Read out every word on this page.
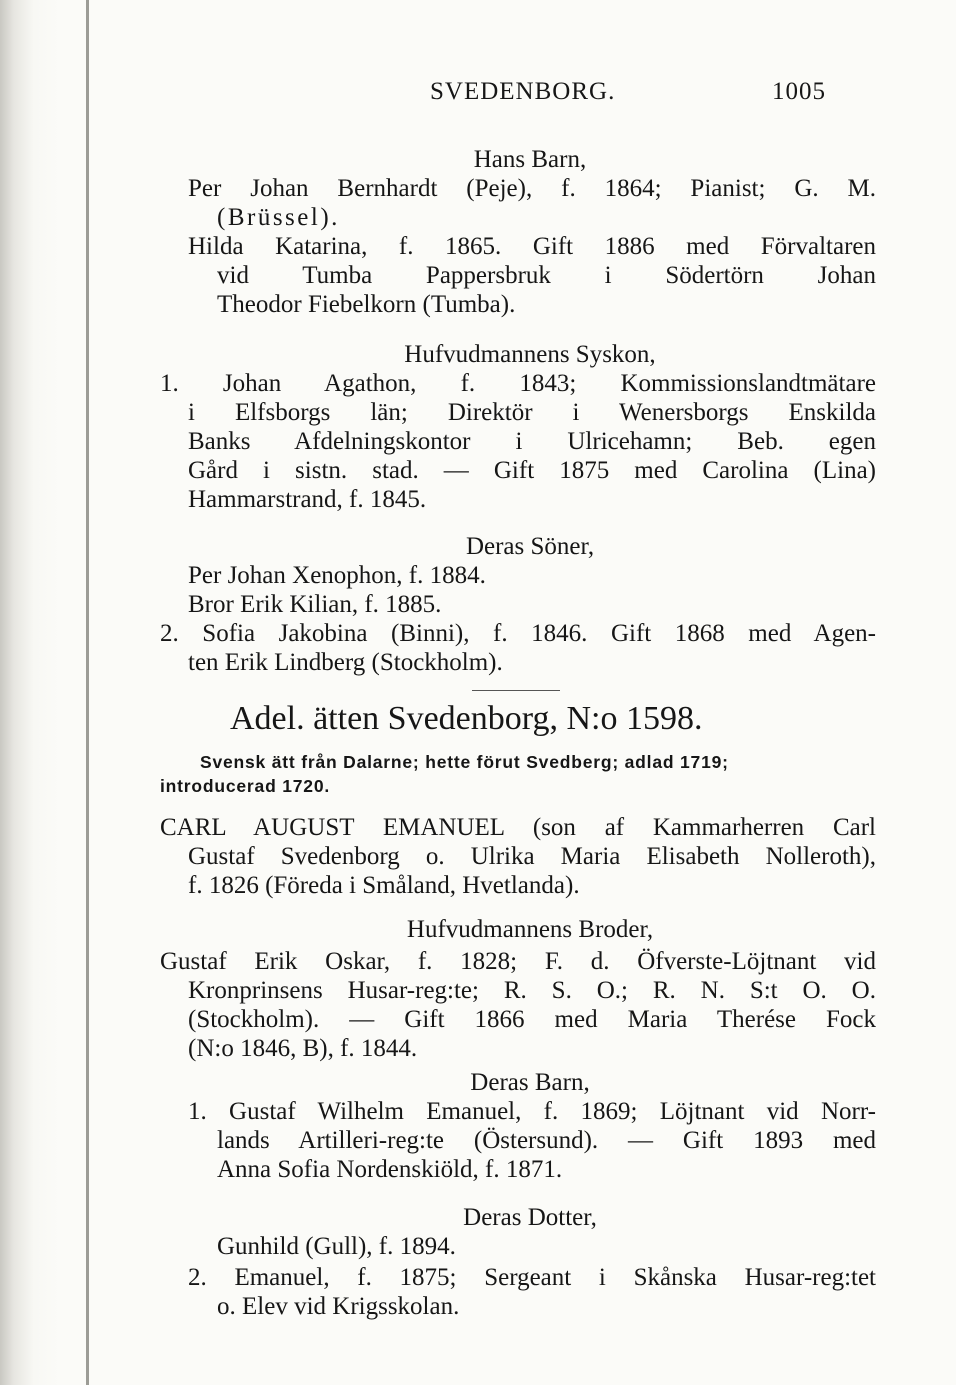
SVEDENBORG.	1005
Hans Barn,
Per Johan Bernhardt (Peje), f. 1864; Pianist; G. M.
(Brüssel).
Hilda Katarina, f. 1865. Gift 1886 med Förvaltaren
vid Tumba Pappersbruk i Södertörn Johan
Theodor Fiebelkorn (Tumba).
Hufvudmannens Syskon,
1. Johan Agathon, f. 1843; Kommissionslandtmätare
i Elfsborgs län; Direktör i Wenersborgs Enskilda
Banks Afdelningskontor i Ulricehamn; Beb. egen
Gård i sistn. stad. — Gift 1875 med Carolina (Lina)
Hammarstrand, f. 1845.
Deras Söner,
Per Johan Xenophon, f. 1884.
Bror Erik Kilian, f. 1885.
2. Sofia Jakobina (Binni), f. 1846. Gift 1868 med Agen-
ten Erik Lindberg (Stockholm).
Adel. ätten Svedenborg, N:o 1598.
Svensk ätt från Dalarne; hette förut Svedberg; adlad 1719;
introducerad 1720.
CARL AUGUST EMANUEL (son af Kammarherren Carl
Gustaf Svedenborg o. Ulrika Maria Elisabeth Nolleroth),
f. 1826 (Föreda i Småland, Hvetlanda).
Hufvudmannens Broder,
Gustaf Erik Oskar, f. 1828; F. d. Öfverste-Löjtnant vid
Kronprinsens Husar-reg:te; R. S. O.; R. N. S:t O. O.
(Stockholm). — Gift 1866 med Maria Therése Fock
(N:o 1846, B), f. 1844.
Deras Barn,
1. Gustaf Wilhelm Emanuel, f. 1869; Löjtnant vid Norr-
lands Artilleri-reg:te (Östersund). — Gift 1893 med
Anna Sofia Nordenskiöld, f. 1871.
Deras Dotter,
Gunhild (Gull), f. 1894.
2. Emanuel, f. 1875; Sergeant i Skånska Husar-reg:tet
o. Elev vid Krigsskolan.
